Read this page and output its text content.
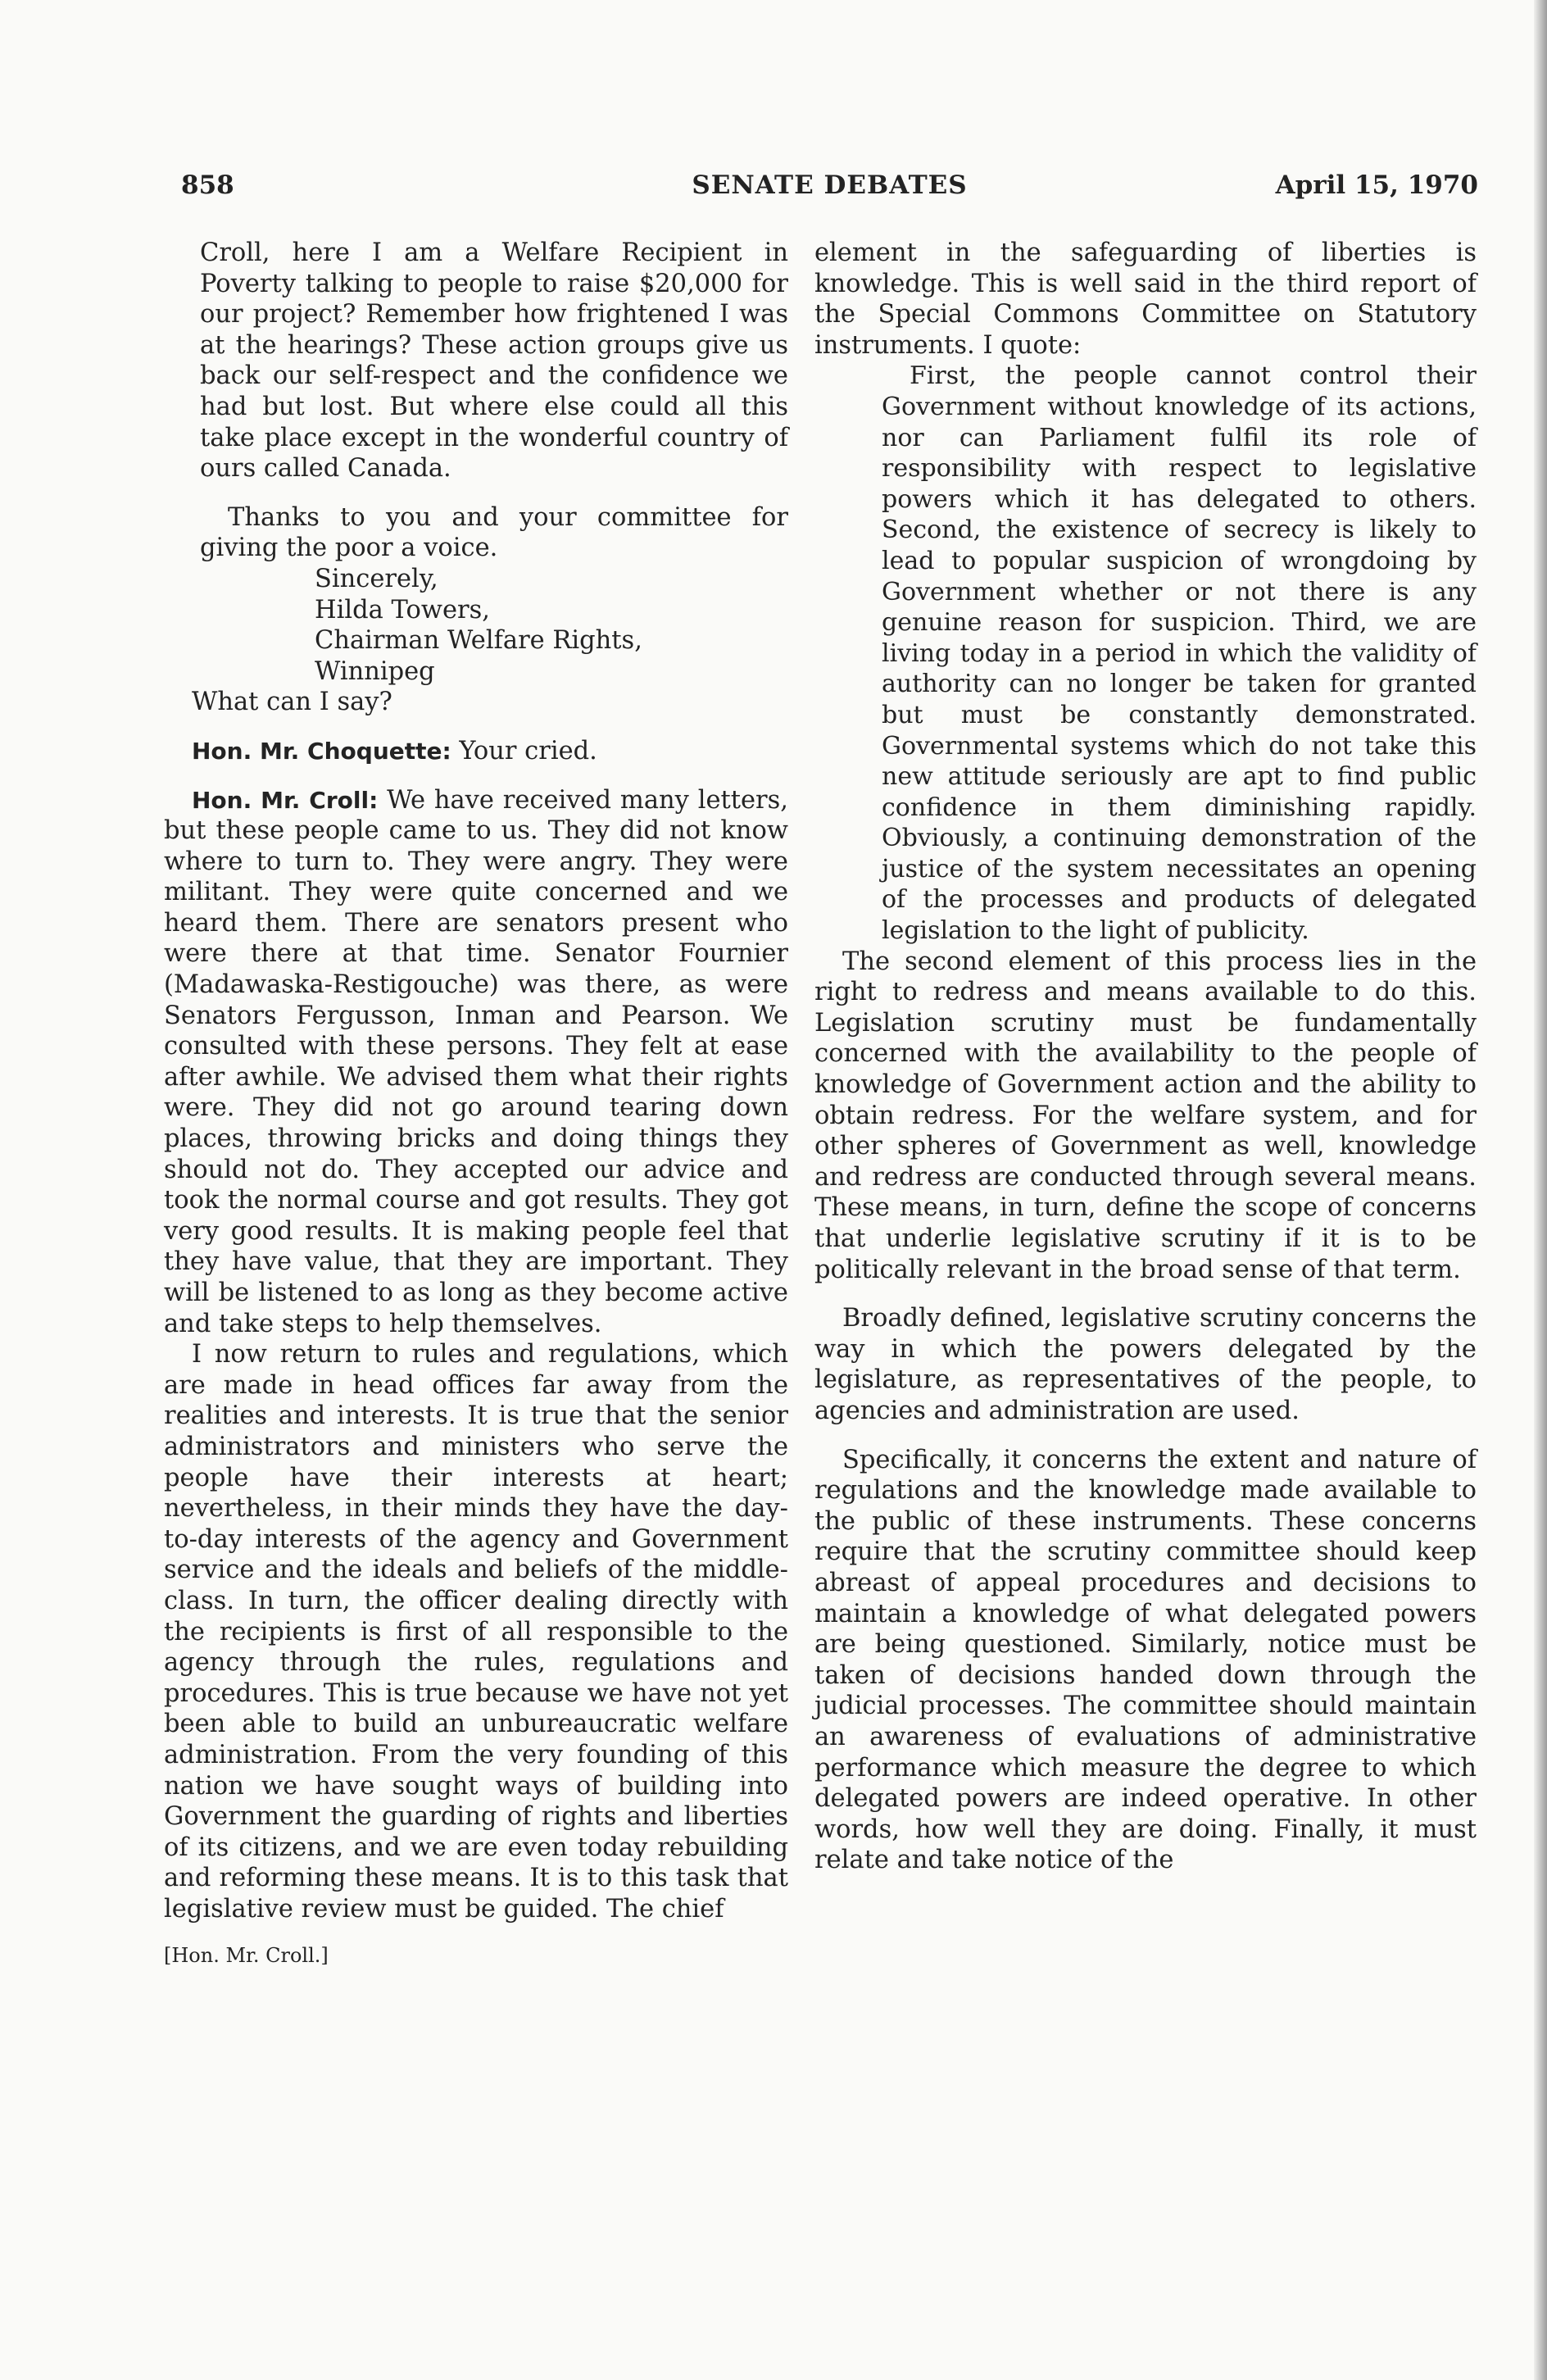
858	SENATE DEBATES	April 15, 1970

Croll, here I am a Welfare Recipient in Poverty talking to people to raise $20,000 for our project? Remember how frightened I was at the hearings? These action groups give us back our self-respect and the confidence we had but lost. But where else could all this take place except in the wonderful country of ours called Canada.

Thanks to you and your committee for giving the poor a voice.

Sincerely,
Hilda Towers,
Chairman Welfare Rights,
Winnipeg

What can I say?

Hon. Mr. Choquette: Your cried.

Hon. Mr. Croll: We have received many letters, but these people came to us. They did not know where to turn to. They were angry. They were militant. They were quite concerned and we heard them. There are senators present who were there at that time. Senator Fournier (Madawaska-Restigouche) was there, as were Senators Fergusson, Inman and Pearson. We consulted with these persons. They felt at ease after awhile. We advised them what their rights were. They did not go around tearing down places, throwing bricks and doing things they should not do. They accepted our advice and took the normal course and got results. They got very good results. It is making people feel that they have value, that they are important. They will be listened to as long as they become active and take steps to help themselves.

I now return to rules and regulations, which are made in head offices far away from the realities and interests. It is true that the senior administrators and ministers who serve the people have their interests at heart; nevertheless, in their minds they have the day-to-day interests of the agency and Government service and the ideals and beliefs of the middle-class. In turn, the officer dealing directly with the recipients is first of all responsible to the agency through the rules, regulations and procedures. This is true because we have not yet been able to build an unbureaucratic welfare administration. From the very founding of this nation we have sought ways of building into Government the guarding of rights and liberties of its citizens, and we are even today rebuilding and reforming these means. It is to this task that legislative review must be guided. The chief

[Hon. Mr. Croll.]

element in the safeguarding of liberties is knowledge. This is well said in the third report of the Special Commons Committee on Statutory instruments. I quote:

First, the people cannot control their Government without knowledge of its actions, nor can Parliament fulfil its role of responsibility with respect to legislative powers which it has delegated to others. Second, the existence of secrecy is likely to lead to popular suspicion of wrongdoing by Government whether or not there is any genuine reason for suspicion. Third, we are living today in a period in which the validity of authority can no longer be taken for granted but must be constantly demonstrated. Governmental systems which do not take this new attitude seriously are apt to find public confidence in them diminishing rapidly. Obviously, a continuing demonstration of the justice of the system necessitates an opening of the processes and products of delegated legislation to the light of publicity.

The second element of this process lies in the right to redress and means available to do this. Legislation scrutiny must be fundamentally concerned with the availability to the people of knowledge of Government action and the ability to obtain redress. For the welfare system, and for other spheres of Government as well, knowledge and redress are conducted through several means. These means, in turn, define the scope of concerns that underlie legislative scrutiny if it is to be politically relevant in the broad sense of that term.

Broadly defined, legislative scrutiny concerns the way in which the powers delegated by the legislature, as representatives of the people, to agencies and administration are used.

Specifically, it concerns the extent and nature of regulations and the knowledge made available to the public of these instruments. These concerns require that the scrutiny committee should keep abreast of appeal procedures and decisions to maintain a knowledge of what delegated powers are being questioned. Similarly, notice must be taken of decisions handed down through the judicial processes. The committee should maintain an awareness of evaluations of administrative performance which measure the degree to which delegated powers are indeed operative. In other words, how well they are doing. Finally, it must relate and take notice of the
